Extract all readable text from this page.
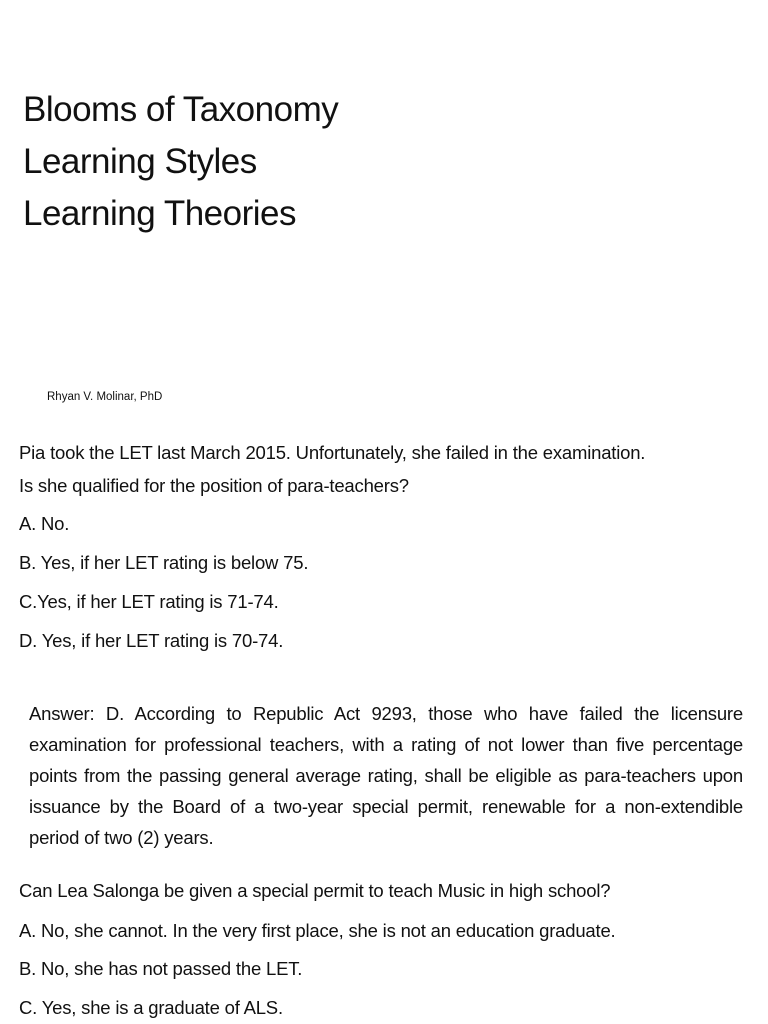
Blooms of Taxonomy
Learning Styles
Learning Theories
Rhyan V. Molinar, PhD
Pia took the LET last March 2015. Unfortunately, she failed in the examination.
Is she qualified for the position of para-teachers?
A. No.
B. Yes, if her LET rating is below 75.
C.Yes, if her LET rating is 71-74.
D. Yes, if her LET rating is 70-74.
Answer: D. According to Republic Act 9293, those who have failed the licensure examination for professional teachers, with a rating of not lower than five percentage points from the passing general average rating, shall be eligible as para-teachers upon issuance by the Board of a two-year special permit, renewable for a non-extendible period of two (2) years.
Can Lea Salonga be given a special permit to teach Music in high school?
A. No, she cannot. In the very first place, she is not an education graduate.
B. No, she has not passed the LET.
C. Yes, she is a graduate of ALS.
